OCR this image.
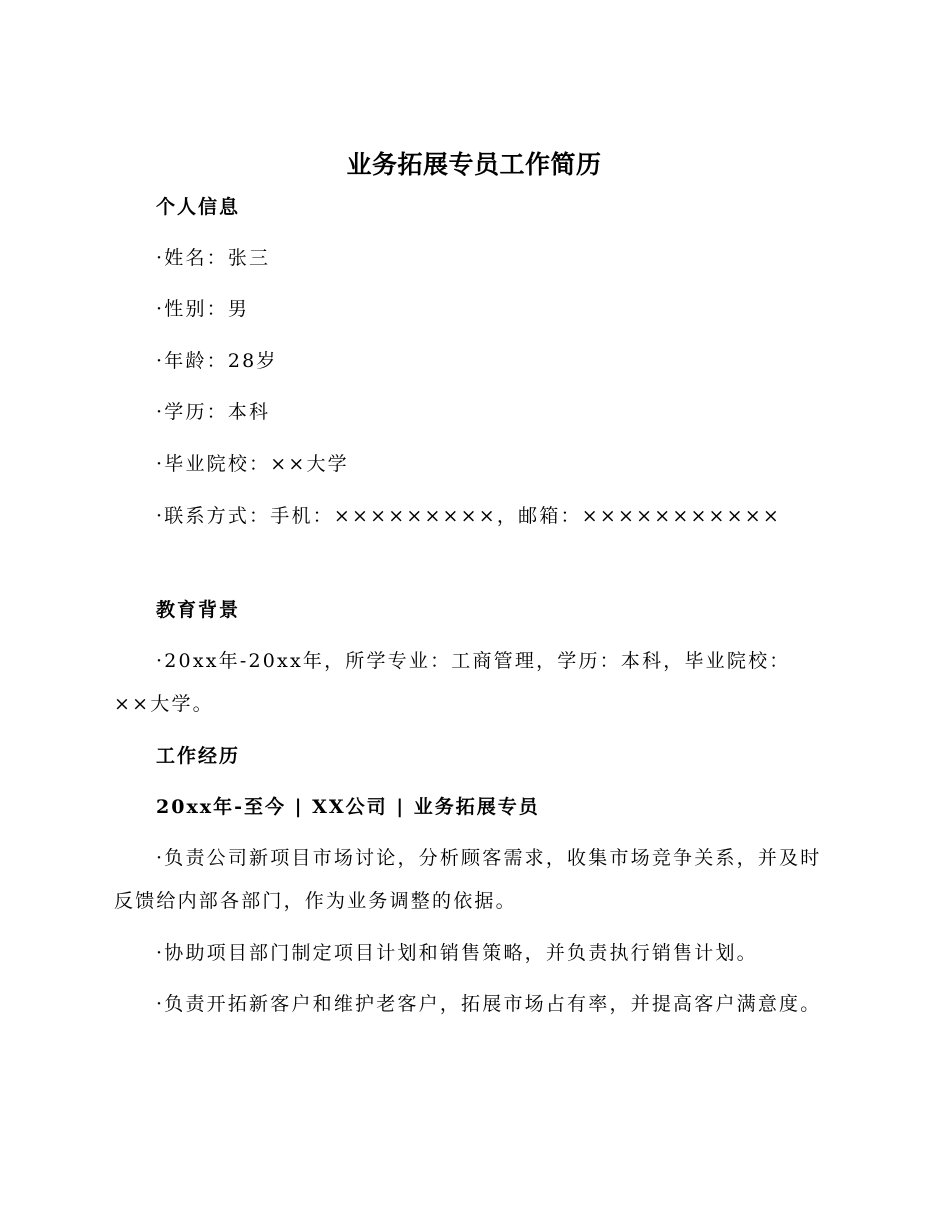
业务拓展专员工作简历
个人信息
·姓名：张三
·性别：男
·年龄：28岁
·学历：本科
·毕业院校：××大学
·联系方式：手机：×××××××××，邮箱：×××××××××××
教育背景
·20xx年-20xx年，所学专业：工商管理，学历：本科，毕业院校：××大学。
工作经历
20xx年-至今 | XX公司 | 业务拓展专员
·负责公司新项目市场讨论，分析顾客需求，收集市场竞争关系，并及时反馈给内部各部门，作为业务调整的依据。
·协助项目部门制定项目计划和销售策略，并负责执行销售计划。
·负责开拓新客户和维护老客户，拓展市场占有率，并提高客户满意度。
